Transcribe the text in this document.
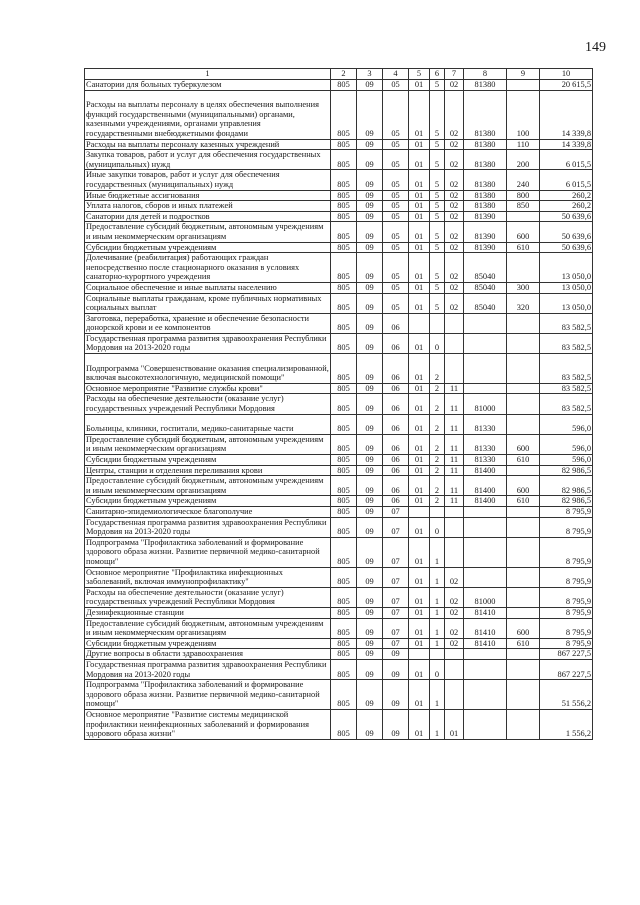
149
1	2	3	4	5	6	7	8	9	10
Санатории для больных туберкулезом	805	09	05	01	5	02	81380		20 615,5
Расходы на выплаты персоналу в целях обеспечения выполнения функций государственными (муниципальными) органами, казенными учреждениями, органами управления государственными внебюджетными фондами	805	09	05	01	5	02	81380	100	14 339,8
Расходы на выплаты персоналу казенных учреждений	805	09	05	01	5	02	81380	110	14 339,8
Закупка товаров, работ и услуг для обеспечения государственных (муниципальных) нужд	805	09	05	01	5	02	81380	200	6 015,5
Иные закупки товаров, работ и услуг для обеспечения государственных (муниципальных) нужд	805	09	05	01	5	02	81380	240	6 015,5
Иные бюджетные ассигнования	805	09	05	01	5	02	81380	800	260,2
Уплата налогов, сборов и иных платежей	805	09	05	01	5	02	81380	850	260,2
Санатории для детей и подростков	805	09	05	01	5	02	81390		50 639,6
Предоставление субсидий бюджетным, автономным учреждениям и иным некоммерческим организациям	805	09	05	01	5	02	81390	600	50 639,6
Субсидии бюджетным учреждениям	805	09	05	01	5	02	81390	610	50 639,6
Долечивание (реабилитация) работающих граждан непосредственно после стационарного оказания в условиях санаторно-курортного учреждения	805	09	05	01	5	02	85040		13 050,0
Социальное обеспечение и иные выплаты населению	805	09	05	01	5	02	85040	300	13 050,0
Социальные выплаты гражданам, кроме публичных нормативных социальных выплат	805	09	05	01	5	02	85040	320	13 050,0
Заготовка, переработка, хранение и обеспечение безопасности донорской крови и ее компонентов	805	09	06						83 582,5
Государственная программа развития здравоохранения Республики Мордовия на 2013-2020 годы	805	09	06	01	0				83 582,5
Подпрограмма "Совершенствование оказания специализированной, включая высокотехнологичную, медицинской помощи"	805	09	06	01	2				83 582,5
Основное мероприятие "Развитие службы крови"	805	09	06	01	2	11			83 582,5
Расходы на обеспечение деятельности (оказание услуг) государственных учреждений Республики Мордовия	805	09	06	01	2	11	81000		83 582,5
Больницы, клиники, госпитали, медико-санитарные части	805	09	06	01	2	11	81330		596,0
Предоставление субсидий бюджетным, автономным учреждениям и иным некоммерческим организациям	805	09	06	01	2	11	81330	600	596,0
Субсидии бюджетным учреждениям	805	09	06	01	2	11	81330	610	596,0
Центры, станции и отделения переливания крови	805	09	06	01	2	11	81400		82 986,5
Предоставление субсидий бюджетным, автономным учреждениям и иным некоммерческим организациям	805	09	06	01	2	11	81400	600	82 986,5
Субсидии бюджетным учреждениям	805	09	06	01	2	11	81400	610	82 986,5
Санитарно-эпидемиологическое благополучие	805	09	07						8 795,9
Государственная программа развития здравоохранения Республики Мордовия на 2013-2020 годы	805	09	07	01	0				8 795,9
Подпрограмма "Профилактика заболеваний и формирование здорового образа жизни. Развитие первичной медико-санитарной помощи"	805	09	07	01	1				8 795,9
Основное мероприятие "Профилактика инфекционных заболеваний, включая иммунопрофилактику"	805	09	07	01	1	02			8 795,9
Расходы на обеспечение деятельности (оказание услуг) государственных учреждений Республики Мордовия	805	09	07	01	1	02	81000		8 795,9
Дезинфекционные станции	805	09	07	01	1	02	81410		8 795,9
Предоставление субсидий бюджетным, автономным учреждениям и иным некоммерческим организациям	805	09	07	01	1	02	81410	600	8 795,9
Субсидии бюджетным учреждениям	805	09	07	01	1	02	81410	610	8 795,9
Другие вопросы в области здравоохранения	805	09	09						867 227,5
Государственная программа развития здравоохранения Республики Мордовия на 2013-2020 годы	805	09	09	01	0				867 227,5
Подпрограмма "Профилактика заболеваний и формирование здорового образа жизни. Развитие первичной медико-санитарной помощи"	805	09	09	01	1				51 556,2
Основное мероприятие "Развитие системы медицинской профилактики неинфекционных заболеваний и формирования здорового образа жизни"	805	09	09	01	1	01			1 556,2
